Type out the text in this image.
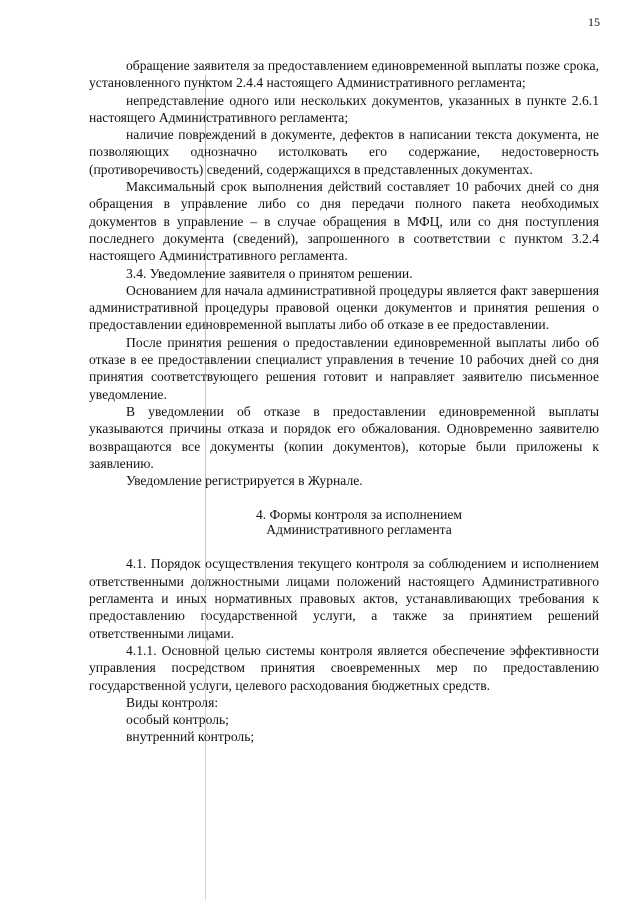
15

обращение заявителя за предоставлением единовременной выплаты позже срока, установленного пунктом 2.4.4 настоящего Административного регламента;

непредставление одного или нескольких документов, указанных в пункте 2.6.1 настоящего Административного регламента;

наличие повреждений в документе, дефектов в написании текста документа, не позволяющих однозначно истолковать его содержание, недостоверность (противоречивость) сведений, содержащихся в представленных документах.

Максимальный срок выполнения действий составляет 10 рабочих дней со дня обращения в управление либо со дня передачи полного пакета необходимых документов в управление – в случае обращения в МФЦ, или со дня поступления последнего документа (сведений), запрошенного в соответствии с пунктом 3.2.4 настоящего Административного регламента.

3.4. Уведомление заявителя о принятом решении.

Основанием для начала административной процедуры является факт завершения административной процедуры правовой оценки документов и принятия решения о предоставлении единовременной выплаты либо об отказе в ее предоставлении.

После принятия решения о предоставлении единовременной выплаты либо об отказе в ее предоставлении специалист управления в течение 10 рабочих дней со дня принятия соответствующего решения готовит и направляет заявителю письменное уведомление.

В уведомлении об отказе в предоставлении единовременной выплаты указываются причины отказа и порядок его обжалования. Одновременно заявителю возвращаются все документы (копии документов), которые были приложены к заявлению.

Уведомление регистрируется в Журнале.

4. Формы контроля за исполнением
Административного регламента

4.1. Порядок осуществления текущего контроля за соблюдением и исполнением ответственными должностными лицами положений настоящего Административного регламента и иных нормативных правовых актов, устанавливающих требования к предоставлению государственной услуги, а также за принятием решений ответственными лицами.

4.1.1. Основной целью системы контроля является обеспечение эффективности управления посредством принятия своевременных мер по предоставлению государственной услуги, целевого расходования бюджетных средств.

Виды контроля:

особый контроль;

внутренний контроль;
